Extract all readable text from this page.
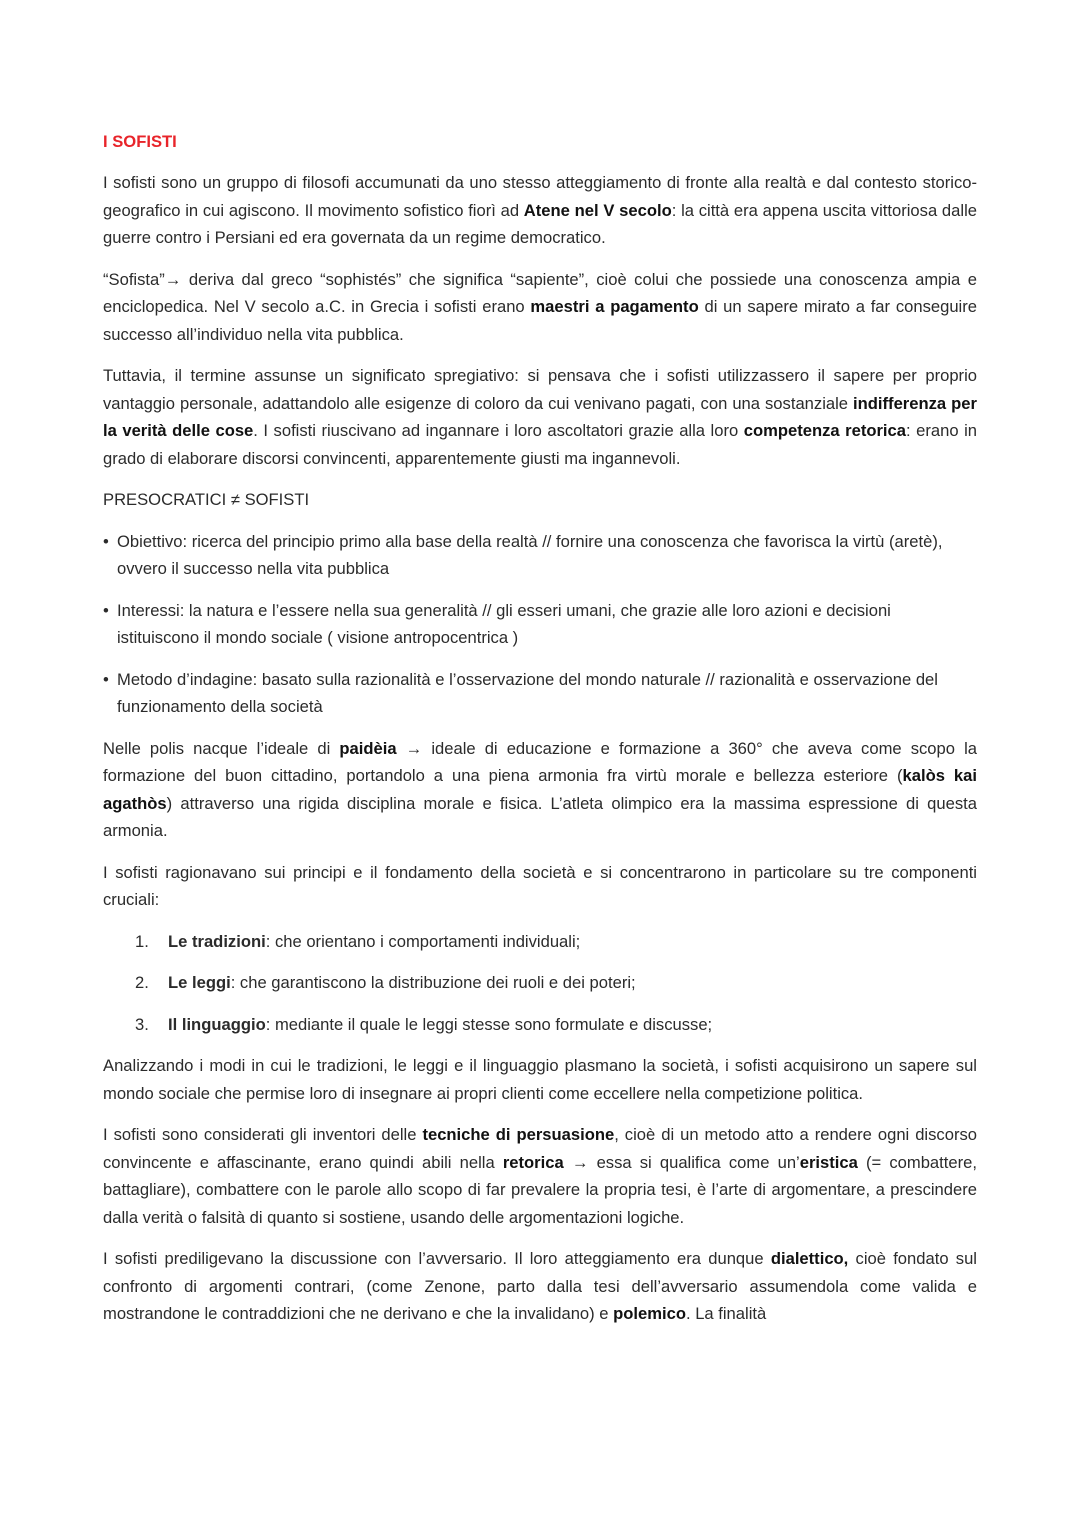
I SOFISTI
I sofisti sono un gruppo di filosofi accumunati da uno stesso atteggiamento di fronte alla realtà e dal contesto storico-geografico in cui agiscono. Il movimento sofistico fiorì ad Atene nel V secolo: la città era appena uscita vittoriosa dalle guerre contro i Persiani ed era governata da un regime democratico.
“Sofista”→ deriva dal greco “sophistés” che significa “sapiente”, cioè colui che possiede una conoscenza ampia e enciclopedica. Nel V secolo a.C. in Grecia i sofisti erano maestri a pagamento di un sapere mirato a far conseguire successo all’individuo nella vita pubblica.
Tuttavia, il termine assunse un significato spregiativo: si pensava che i sofisti utilizzassero il sapere per proprio vantaggio personale, adattandolo alle esigenze di coloro da cui venivano pagati, con una sostanziale indifferenza per la verità delle cose. I sofisti riuscivano ad ingannare i loro ascoltatori grazie alla loro competenza retorica: erano in grado di elaborare discorsi convincenti, apparentemente giusti ma ingannevoli.
PRESOCRATICI ≠ SOFISTI
• Obiettivo: ricerca del principio primo alla base della realtà // fornire una conoscenza che favorisca la virtù (aretè), ovvero il successo nella vita pubblica
• Interessi: la natura e l’essere nella sua generalità // gli esseri umani, che grazie alle loro azioni e decisioni istituiscono il mondo sociale ( visione antropocentrica )
• Metodo d’indagine: basato sulla razionalità e l’osservazione del mondo naturale // razionalità e osservazione del funzionamento della società
Nelle polis nacque l’ideale di paidèia → ideale di educazione e formazione a 360° che aveva come scopo la formazione del buon cittadino, portandolo a una piena armonia fra virtù morale e bellezza esteriore (kalòs kai agathòs) attraverso una rigida disciplina morale e fisica. L’atleta olimpico era la massima espressione di questa armonia.
I sofisti ragionavano sui principi e il fondamento della società e si concentrarono in particolare su tre componenti cruciali:
1. Le tradizioni: che orientano i comportamenti individuali;
2. Le leggi: che garantiscono la distribuzione dei ruoli e dei poteri;
3. Il linguaggio: mediante il quale le leggi stesse sono formulate e discusse;
Analizzando i modi in cui le tradizioni, le leggi e il linguaggio plasmano la società, i sofisti acquisirono un sapere sul mondo sociale che permise loro di insegnare ai propri clienti come eccellere nella competizione politica.
I sofisti sono considerati gli inventori delle tecniche di persuasione, cioè di un metodo atto a rendere ogni discorso convincente e affascinante, erano quindi abili nella retorica → essa si qualifica come un’eristica (= combattere, battagliare), combattere con le parole allo scopo di far prevalere la propria tesi, è l’arte di argomentare, a prescindere dalla verità o falsità di quanto si sostiene, usando delle argomentazioni logiche.
I sofisti prediligevano la discussione con l’avversario. Il loro atteggiamento era dunque dialettico, cioè fondato sul confronto di argomenti contrari, (come Zenone, parto dalla tesi dell’avversario assumendola come valida e mostrandone le contraddizioni che ne derivano e che la invalidano) e polemico. La finalità
